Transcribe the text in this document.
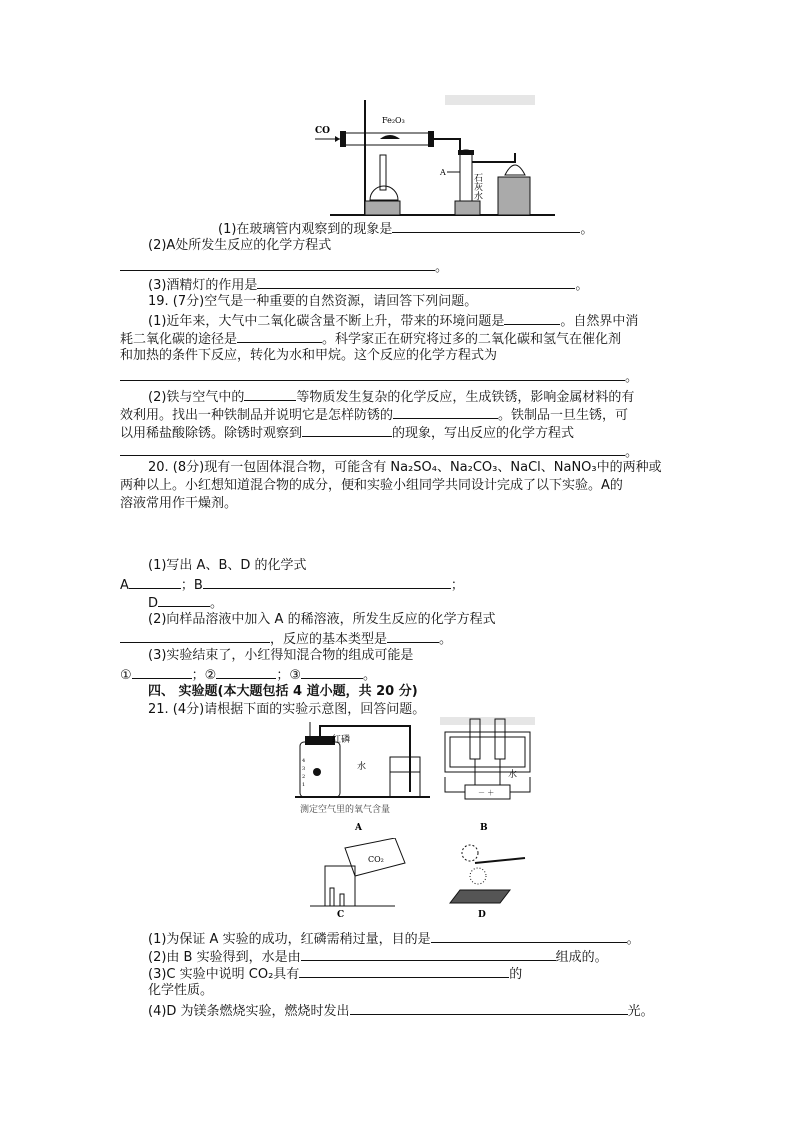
Fe₂O₃
CO
A
石灰水
(1)在玻璃管内观察到的现象是	。
(2)A处所发生反应的化学方程式
。
(3)酒精灯的作用是	。
19. (7分)空气是一种重要的自然资源，请回答下列问题。
(1)近年来，大气中二氧化碳含量不断上升，带来的环境问题是	。自然界中消
耗二氧化碳的途径是	。科学家正在研究将过多的二氧化碳和氢气在催化剂
和加热的条件下反应，转化为水和甲烷。这个反应的化学方程式为
。
(2)铁与空气中的	等物质发生复杂的化学反应，生成铁锈，影响金属材料的有
效利用。找出一种铁制品并说明它是怎样防锈的	。铁制品一旦生锈，可
以用稀盐酸除锈。除锈时观察到	的现象，写出反应的化学方程式
。
20. (8分)现有一包固体混合物，可能含有 Na₂SO₄、Na₂CO₃、NaCl、NaNO₃中的两种或
两种以上。小红想知道混合物的成分，便和实验小组同学共同设计完成了以下实验。A的
溶液常用作干燥剂。
(1)写出 A、B、D 的化学式
A	；B	；
D	。
(2)向样品溶液中加入 A 的稀溶液，所发生反应的化学方程式
，反应的基本类型是	。
(3)实验结束了，小红得知混合物的组成可能是
①	；②	；③	。
四、 实验题(本大题包括 4 道小题，共 20 分)
21. (4分)请根据下面的实验示意图，回答问题。
红磷
4
3
2
1
水
测定空气里的氧气含量
A
－ ＋
水
B
CO₂
C	D
(1)为保证 A 实验的成功，红磷需稍过量，目的是	。
(2)由 B 实验得到，水是由	组成的。
(3)C 实验中说明 CO₂具有	的
化学性质。
(4)D 为镁条燃烧实验，燃烧时发出	光。
